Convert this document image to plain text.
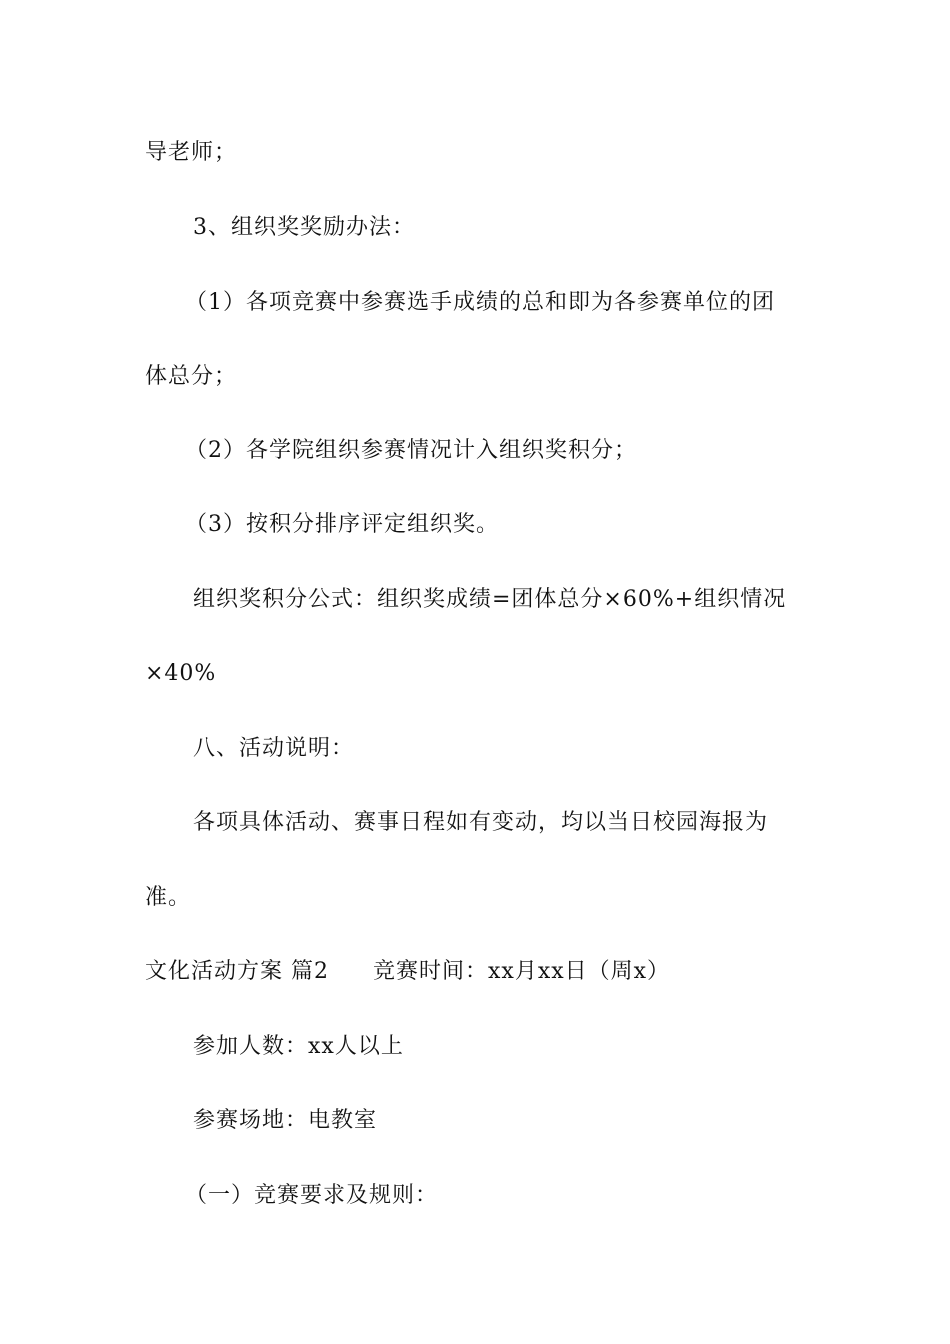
导老师；
3、组织奖奖励办法：
（1）各项竞赛中参赛选手成绩的总和即为各参赛单位的团
体总分；
（2）各学院组织参赛情况计入组织奖积分；
（3）按积分排序评定组织奖。
组织奖积分公式：组织奖成绩=团体总分×60%+组织情况
×40%
八、活动说明：
各项具体活动、赛事日程如有变动，均以当日校园海报为
准。
文化活动方案 篇2 竞赛时间：xx月xx日（周x）
参加人数：xx人以上
参赛场地：电教室
（一）竞赛要求及规则：
